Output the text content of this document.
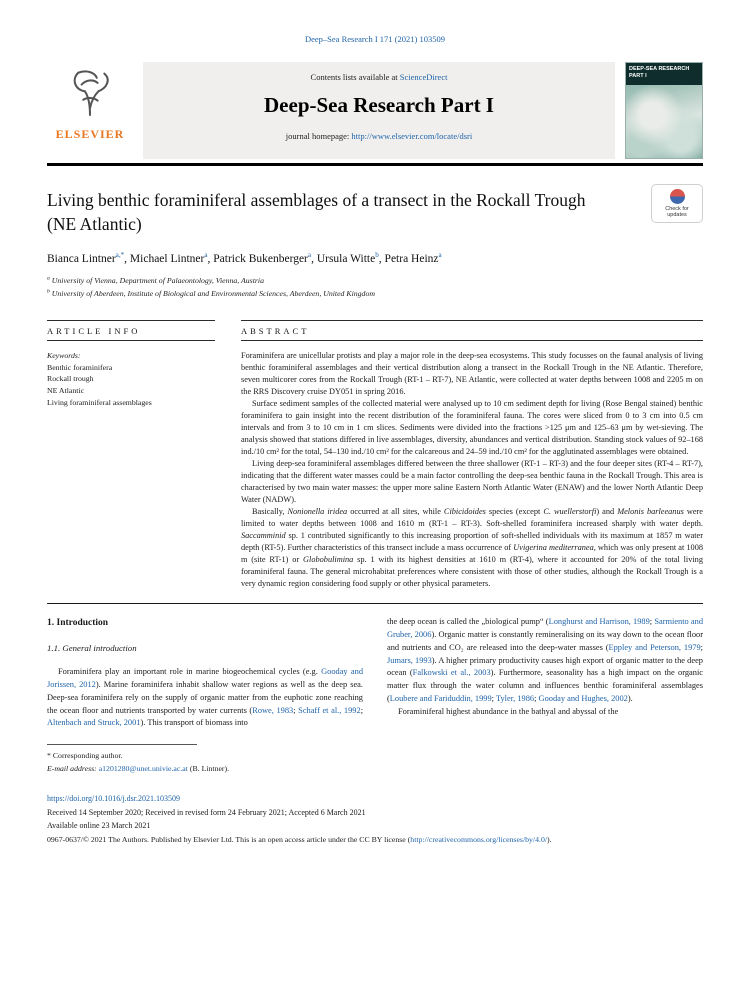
Deep–Sea Research I 171 (2021) 103509
ELSEVIER
Contents lists available at ScienceDirect
Deep-Sea Research Part I
journal homepage: http://www.elsevier.com/locate/dsri
DEEP-SEA RESEARCH
PART I
Living benthic foraminiferal assemblages of a transect in the Rockall Trough (NE Atlantic)
Check for updates
Bianca Lintner$^{a,*}$, Michael Lintner$^a$, Patrick Bukenberger$^a$, Ursula Witte$^b$, Petra Heinz$^a$
$^a$ University of Vienna, Department of Palaeontology, Vienna, Austria
$^b$ University of Aberdeen, Institute of Biological and Environmental Sciences, Aberdeen, United Kingdom
ARTICLE INFO
Keywords:
Benthic foraminifera
Rockall trough
NE Atlantic
Living foraminiferal assemblages
ABSTRACT

Foraminifera are unicellular protists and play a major role in the deep-sea ecosystems. This study focusses on the faunal analysis of living benthic foraminiferal assemblages and their vertical distribution along a transect in the Rockall Trough in the NE Atlantic. Therefore, seven multicorer cores from the Rockall Trough (RT-1 – RT-7), NE Atlantic, were collected at water depths between 1008 and 2205 m on the RRS Discovery cruise DY051 in spring 2016.

Surface sediment samples of the collected material were analysed up to 10 cm sediment depth for living (Rose Bengal stained) benthic foraminifera to gain insight into the recent distribution of the foraminiferal fauna. The cores were sliced from 0 to 3 cm into 0.5 cm intervals and from 3 to 10 cm in 1 cm slices. Sediments were divided into the fractions >125 μm and 125–63 μm by wet-sieving. The analysis showed that stations differed in live assemblages, diversity, abundances and vertical distribution. Standing stock values of 92–168 ind./10 cm² for the total, 54–130 ind./10 cm² for the calcareous and 24–59 ind./10 cm² for the agglutinated assemblages were obtained.

Living deep-sea foraminiferal assemblages differed between the three shallower (RT-1 – RT-3) and the four deeper sites (RT-4 – RT-7), indicating that the different water masses could be a main factor controlling the deep-sea benthic fauna in the Rockall Trough. This area is characterised by two main water masses: the upper more saline Eastern North Atlantic Water (ENAW) and the lower North Atlantic Deep Water (NADW).

Basically, Nonionella iridea occurred at all sites, while Cibicidoides species (except C. wuellerstorfi) and Melonis barleeanus were limited to water depths between 1008 and 1610 m (RT-1 – RT-3). Soft-shelled foraminifera increased sharply with water depth. Saccamminid sp. 1 contributed significantly to this increasing proportion of soft-shelled individuals with its maximum at 1857 m water depth (RT-5). Further characteristics of this transect include a mass occurrence of Uvigerina mediterranea, which was only present at 1008 m (site RT-1) or Globobulimina sp. 1 with its highest densities at 1610 m (RT-4), where it accounted for 20% of the total living foraminiferal fauna. The general microhabitat preferences where consistent with those of other studies, although the Rockall Trough is a very dynamic region considering food supply or other physical parameters.

1. Introduction
1.1. General introduction

Foraminifera play an important role in marine biogeochemical cycles (e.g. Gooday and Jorissen, 2012). Marine foraminifera inhabit shallow water regions as well as the deep sea. Deep-sea foraminifera rely on the supply of organic matter from the euphotic zone reaching the ocean floor and nutrients transported by water currents (Rowe, 1983; Schaff et al., 1992; Altenbach and Struck, 2001). This transport of biomass into

the deep ocean is called the „biological pump“ (Longhurst and Harrison, 1989; Sarmiento and Gruber, 2006). Organic matter is constantly remineralising on its way down to the ocean floor and nutrients and CO₂ are released into the deep-water masses (Eppley and Peterson, 1979; Jumars, 1993). A higher primary productivity causes high export of organic matter to the deep ocean (Falkowski et al., 2003). Furthermore, seasonality has a high impact on the organic matter flux through the water column and influences benthic foraminiferal assemblages (Loubere and Fariduddin, 1999; Tyler, 1986; Gooday and Hughes, 2002).

Foraminiferal highest abundance in the bathyal and abyssal of the

* Corresponding author.
E-mail address: a1201280@unet.univie.ac.at (B. Lintner).
https://doi.org/10.1016/j.dsr.2021.103509
Received 14 September 2020; Received in revised form 24 February 2021; Accepted 6 March 2021
Available online 23 March 2021
0967-0637/© 2021 The Authors. Published by Elsevier Ltd. This is an open access article under the CC BY license (http://creativecommons.org/licenses/by/4.0/).
